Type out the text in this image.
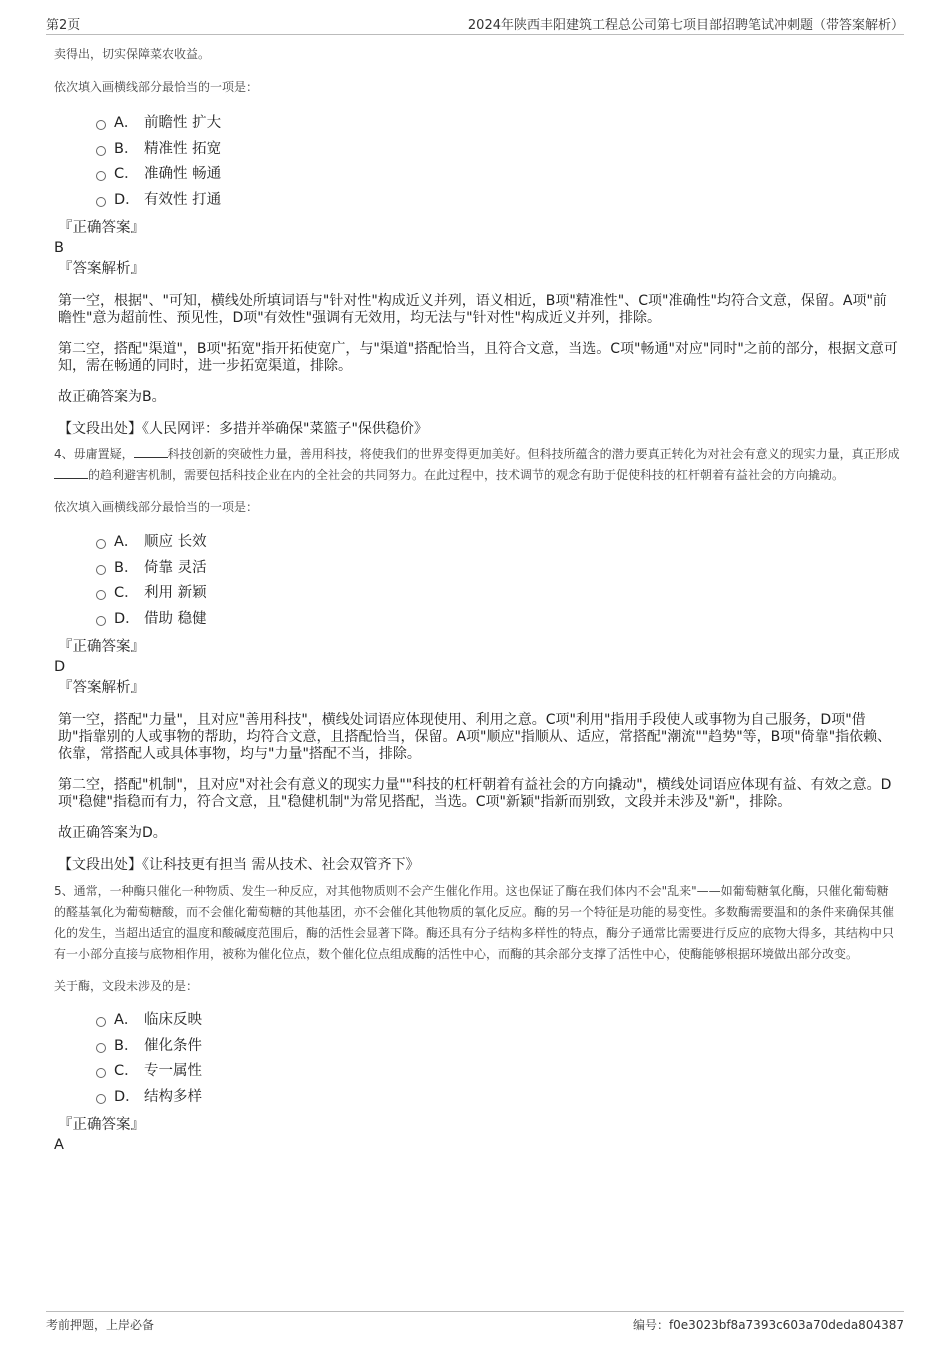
第2页	2024年陕西丰阳建筑工程总公司第七项目部招聘笔试冲刺题（带答案解析）

卖得出，切实保障菜农收益。

依次填入画横线部分最恰当的一项是：

A． 前瞻性 扩大
B． 精准性 拓宽
C． 准确性 畅通
D． 有效性 打通

『正确答案』

B

『答案解析』

第一空，根据"、"可知，横线处所填词语与"针对性"构成近义并列，语义相近，B项"精准性"、C项"准确性"均符合文意，保留。A项"前瞻性"意为超前性、预见性，D项"有效性"强调有无效用，均无法与"针对性"构成近义并列，排除。

第二空，搭配"渠道"，B项"拓宽"指开拓使宽广，与"渠道"搭配恰当，且符合文意，当选。C项"畅通"对应"同时"之前的部分，根据文意可知，需在畅通的同时，进一步拓宽渠道，排除。

故正确答案为B。

【文段出处】《人民网评：多措并举确保"菜篮子"保供稳价》

4、毋庸置疑，	科技创新的突破性力量，善用科技，将使我们的世界变得更加美好。但科技所蕴含的潜力要真正转化为对社会有意义的现实力量，真正形成的趋利避害机制，需要包括科技企业在内的全社会的共同努力。在此过程中，技术调节的观念有助于促使科技的杠杆朝着有益社会的方向撬动。

依次填入画横线部分最恰当的一项是：

A． 顺应 长效
B． 倚靠 灵活
C． 利用 新颖
D． 借助 稳健

『正确答案』

D

『答案解析』

第一空，搭配"力量"，且对应"善用科技"，横线处词语应体现使用、利用之意。C项"利用"指用手段使人或事物为自己服务，D项"借助"指靠别的人或事物的帮助，均符合文意，且搭配恰当，保留。A项"顺应"指顺从、适应，常搭配"潮流""趋势"等，B项"倚靠"指依赖、依靠，常搭配人或具体事物，均与"力量"搭配不当，排除。

第二空，搭配"机制"，且对应"对社会有意义的现实力量""科技的杠杆朝着有益社会的方向撬动"，横线处词语应体现有益、有效之意。D项"稳健"指稳而有力，符合文意，且"稳健机制"为常见搭配，当选。C项"新颖"指新而别致，文段并未涉及"新"，排除。

故正确答案为D。

【文段出处】《让科技更有担当 需从技术、社会双管齐下》

5、通常，一种酶只催化一种物质、发生一种反应，对其他物质则不会产生催化作用。这也保证了酶在我们体内不会"乱来"——如葡萄糖氧化酶，只催化葡萄糖的醛基氧化为葡萄糖酸，而不会催化葡萄糖的其他基团，亦不会催化其他物质的氧化反应。酶的另一个特征是功能的易变性。多数酶需要温和的条件来确保其催化的发生，当超出适宜的温度和酸碱度范围后，酶的活性会显著下降。酶还具有分子结构多样性的特点，酶分子通常比需要进行反应的底物大得多，其结构中只有一小部分直接与底物相作用，被称为催化位点，数个催化位点组成酶的活性中心，而酶的其余部分支撑了活性中心，使酶能够根据环境做出部分改变。

关于酶，文段未涉及的是：

A． 临床反映
B． 催化条件
C． 专一属性
D． 结构多样

『正确答案』

A

考前押题，上岸必备	编号：f0e3023bf8a7393c603a70deda804387
